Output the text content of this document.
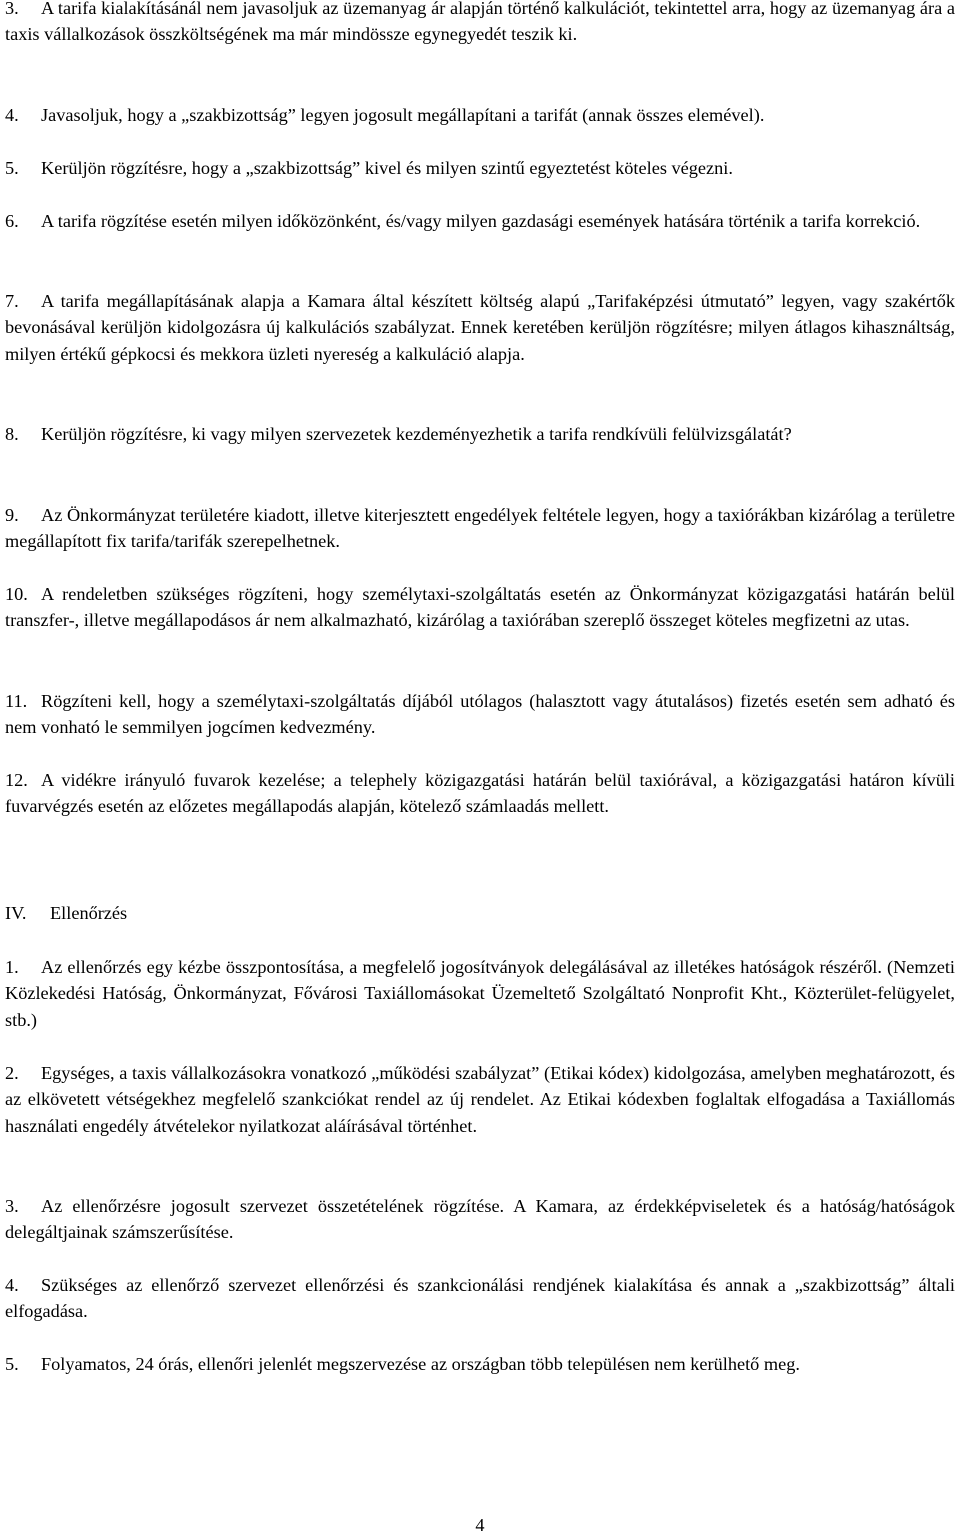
3. A tarifa kialakításánál nem javasoljuk az üzemanyag ár alapján történő kalkulációt, tekintettel arra, hogy az üzemanyag ára a taxis vállalkozások összköltségének ma már mindössze egynegyedét teszik ki.

4. Javasoljuk, hogy a „szakbizottság” legyen jogosult megállapítani a tarifát (annak összes elemével).

5. Kerüljön rögzítésre, hogy a „szakbizottság” kivel és milyen szintű egyeztetést köteles végezni.

6. A tarifa rögzítése esetén milyen időközönként, és/vagy milyen gazdasági események hatására történik a tarifa korrekció.

7. A tarifa megállapításának alapja a Kamara által készített költség alapú „Tarifaképzési útmutató” legyen, vagy szakértők bevonásával kerüljön kidolgozásra új kalkulációs szabályzat. Ennek keretében kerüljön rögzítésre; milyen átlagos kihasználtság, milyen értékű gépkocsi és mekkora üzleti nyereség a kalkuláció alapja.

8. Kerüljön rögzítésre, ki vagy milyen szervezetek kezdeményezhetik a tarifa rendkívüli felülvizsgálatát?

9. Az Önkormányzat területére kiadott, illetve kiterjesztett engedélyek feltétele legyen, hogy a taxiórákban kizárólag a területre megállapított fix tarifa/tarifák szerepelhetnek.

10. A rendeletben szükséges rögzíteni, hogy személytaxi-szolgáltatás esetén az Önkormányzat közigazgatási határán belül transzfer-, illetve megállapodásos ár nem alkalmazható, kizárólag a taxiórában szereplő összeget köteles megfizetni az utas.

11. Rögzíteni kell, hogy a személytaxi-szolgáltatás díjából utólagos (halasztott vagy átutalásos) fizetés esetén sem adható és nem vonható le semmilyen jogcímen kedvezmény.

12. A vidékre irányuló fuvarok kezelése; a telephely közigazgatási határán belül taxiórával, a közigazgatási határon kívüli fuvarvégzés esetén az előzetes megállapodás alapján, kötelező számlaadás mellett.

IV. Ellenőrzés

1. Az ellenőrzés egy kézbe összpontosítása, a megfelelő jogosítványok delegálásával az illetékes hatóságok részéről. (Nemzeti Közlekedési Hatóság, Önkormányzat, Fővárosi Taxiállomásokat Üzemeltető Szolgáltató Nonprofit Kht., Közterület-felügyelet, stb.)

2. Egységes, a taxis vállalkozásokra vonatkozó „működési szabályzat” (Etikai kódex) kidolgozása, amelyben meghatározott, és az elkövetett vétségekhez megfelelő szankciókat rendel az új rendelet. Az Etikai kódexben foglaltak elfogadása a Taxiállomás használati engedély átvételekor nyilatkozat aláírásával történhet.

3. Az ellenőrzésre jogosult szervezet összetételének rögzítése. A Kamara, az érdekképviseletek és a hatóság/hatóságok delegáltjainak számszerűsítése.

4. Szükséges az ellenőrző szervezet ellenőrzési és szankcionálási rendjének kialakítása és annak a „szakbizottság” általi elfogadása.

5. Folyamatos, 24 órás, ellenőri jelenlét megszervezése az országban több településen nem kerülhető meg.

4
